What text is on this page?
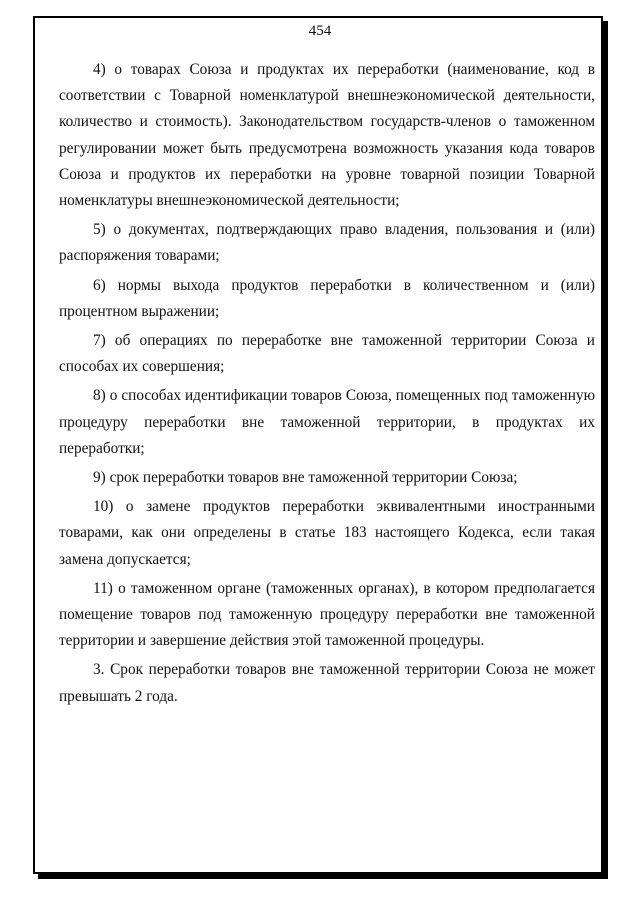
454

4) о товарах Союза и продуктах их переработки (наименование, код в соответствии с Товарной номенклатурой внешнеэкономической деятельности, количество и стоимость). Законодательством государств-членов о таможенном регулировании может быть предусмотрена возможность указания кода товаров Союза и продуктов их переработки на уровне товарной позиции Товарной номенклатуры внешнеэкономической деятельности;

5) о документах, подтверждающих право владения, пользования и (или) распоряжения товарами;

6) нормы выхода продуктов переработки в количественном и (или) процентном выражении;

7) об операциях по переработке вне таможенной территории Союза и способах их совершения;

8) о способах идентификации товаров Союза, помещенных под таможенную процедуру переработки вне таможенной территории, в продуктах их переработки;

9) срок переработки товаров вне таможенной территории Союза;

10) о замене продуктов переработки эквивалентными иностранными товарами, как они определены в статье 183 настоящего Кодекса, если такая замена допускается;

11) о таможенном органе (таможенных органах), в котором предполагается помещение товаров под таможенную процедуру переработки вне таможенной территории и завершение действия этой таможенной процедуры.

3. Срок переработки товаров вне таможенной территории Союза не может превышать 2 года.
